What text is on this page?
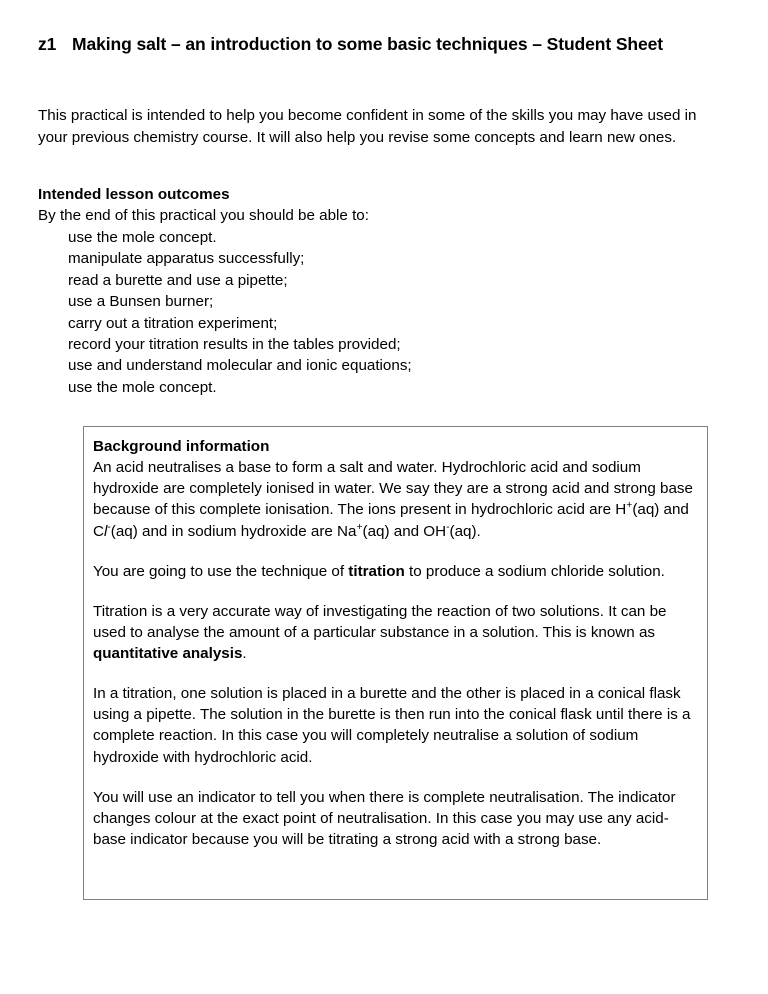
z1 Making salt – an introduction to some basic techniques – Student Sheet
This practical is intended to help you become confident in some of the skills you may have used in your previous chemistry course. It will also help you revise some concepts and learn new ones.
Intended lesson outcomes
By the end of this practical you should be able to:
use the mole concept.
manipulate apparatus successfully;
read a burette and use a pipette;
use a Bunsen burner;
carry out a titration experiment;
record your titration results in the tables provided;
use and understand molecular and ionic equations;
use the mole concept.
Background information

An acid neutralises a base to form a salt and water. Hydrochloric acid and sodium hydroxide are completely ionised in water. We say they are a strong acid and strong base because of this complete ionisation. The ions present in hydrochloric acid are H+(aq) and Cl-(aq) and in sodium hydroxide are Na+(aq) and OH-(aq).

You are going to use the technique of titration to produce a sodium chloride solution.

Titration is a very accurate way of investigating the reaction of two solutions. It can be used to analyse the amount of a particular substance in a solution. This is known as quantitative analysis.

In a titration, one solution is placed in a burette and the other is placed in a conical flask using a pipette. The solution in the burette is then run into the conical flask until there is a complete reaction. In this case you will completely neutralise a solution of sodium hydroxide with hydrochloric acid.

You will use an indicator to tell you when there is complete neutralisation. The indicator changes colour at the exact point of neutralisation. In this case you may use any acid-base indicator because you will be titrating a strong acid with a strong base.
